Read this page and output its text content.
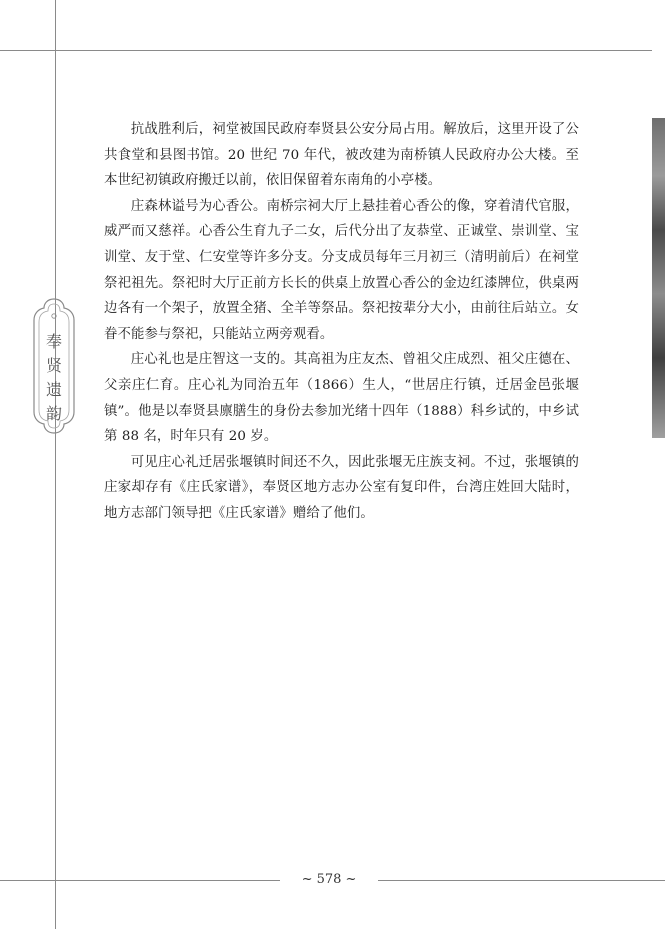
奉
贤
遗
韵

抗战胜利后，祠堂被国民政府奉贤县公安分局占用。解放后，这里开设了公共食堂和县图书馆。20 世纪 70 年代，被改建为南桥镇人民政府办公大楼。至本世纪初镇政府搬迁以前，依旧保留着东南角的小亭楼。

庄森林谥号为心香公。南桥宗祠大厅上悬挂着心香公的像，穿着清代官服，威严而又慈祥。心香公生育九子二女，后代分出了友恭堂、正诚堂、崇训堂、宝训堂、友于堂、仁安堂等许多分支。分支成员每年三月初三（清明前后）在祠堂祭祀祖先。祭祀时大厅正前方长长的供桌上放置心香公的金边红漆牌位，供桌两边各有一个架子，放置全猪、全羊等祭品。祭祀按辈分大小，由前往后站立。女眷不能参与祭祀，只能站立两旁观看。

庄心礼也是庄智这一支的。其高祖为庄友杰、曾祖父庄成烈、祖父庄德在、父亲庄仁育。庄心礼为同治五年（1866）生人，“世居庄行镇，迁居金邑张堰镇”。他是以奉贤县廪膳生的身份去参加光绪十四年（1888）科乡试的，中乡试第 88 名，时年只有 20 岁。

可见庄心礼迁居张堰镇时间还不久，因此张堰无庄族支祠。不过，张堰镇的庄家却存有《庄氏家谱》，奉贤区地方志办公室有复印件，台湾庄姓回大陆时，地方志部门领导把《庄氏家谱》赠给了他们。

~ 578 ~
